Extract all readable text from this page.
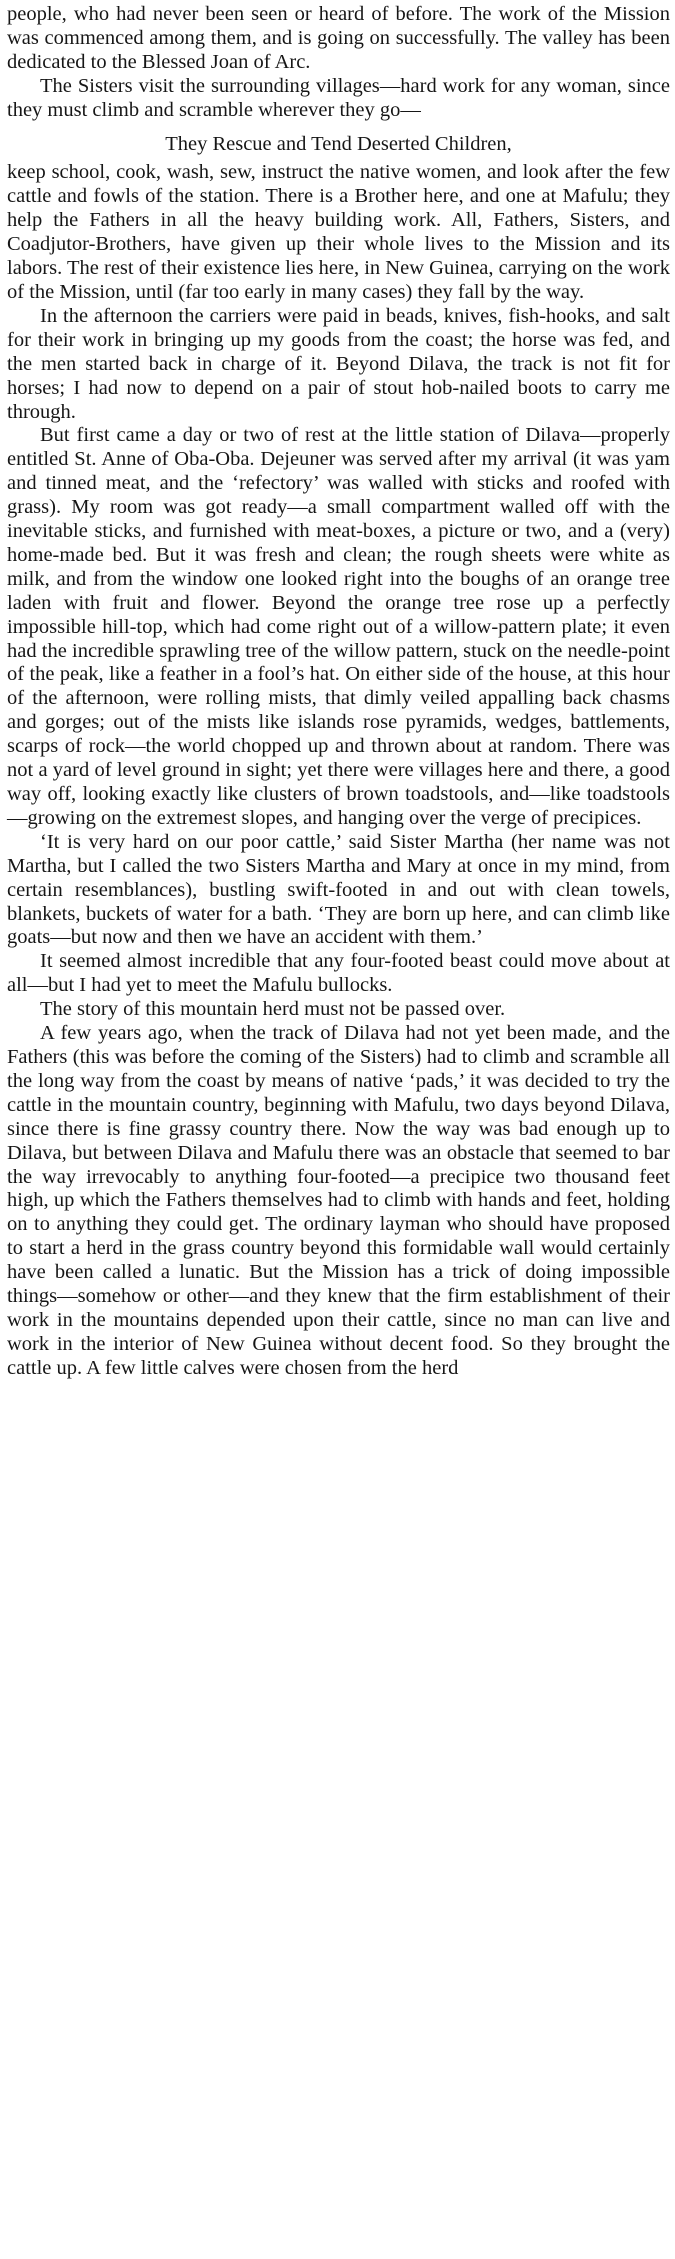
people, who had never been seen or heard of before. The work of the Mission was commenced among them, and is going on successfully. The valley has been dedicated to the Blessed Joan of Arc.

The Sisters visit the surrounding villages—hard work for any woman, since they must climb and scramble wherever they go—

They Rescue and Tend Deserted Children,

keep school, cook, wash, sew, instruct the native women, and look after the few cattle and fowls of the station. There is a Brother here, and one at Mafulu; they help the Fathers in all the heavy building work. All, Fathers, Sisters, and Coadjutor-Brothers, have given up their whole lives to the Mission and its labors. The rest of their existence lies here, in New Guinea, carrying on the work of the Mission, until (far too early in many cases) they fall by the way.

In the afternoon the carriers were paid in beads, knives, fish-hooks, and salt for their work in bringing up my goods from the coast; the horse was fed, and the men started back in charge of it. Beyond Dilava, the track is not fit for horses; I had now to depend on a pair of stout hob-nailed boots to carry me through.

But first came a day or two of rest at the little station of Dilava—properly entitled St. Anne of Oba-Oba. Dejeuner was served after my arrival (it was yam and tinned meat, and the ‘refectory’ was walled with sticks and roofed with grass). My room was got ready—a small compartment walled off with the inevitable sticks, and furnished with meat-boxes, a picture or two, and a (very) home-made bed. But it was fresh and clean; the rough sheets were white as milk, and from the window one looked right into the boughs of an orange tree laden with fruit and flower. Beyond the orange tree rose up a perfectly impossible hill-top, which had come right out of a willow-pattern plate; it even had the incredible sprawling tree of the willow pattern, stuck on the needle-point of the peak, like a feather in a fool’s hat. On either side of the house, at this hour of the afternoon, were rolling mists, that dimly veiled appalling back chasms and gorges; out of the mists like islands rose pyramids, wedges, battlements, scarps of rock—the world chopped up and thrown about at random. There was not a yard of level ground in sight; yet there were villages here and there, a good way off, looking exactly like clusters of brown toadstools, and—like toadstools—growing on the extremest slopes, and hanging over the verge of precipices.

‘It is very hard on our poor cattle,’ said Sister Martha (her name was not Martha, but I called the two Sisters Martha and Mary at once in my mind, from certain resemblances), bustling swift-footed in and out with clean towels, blankets, buckets of water for a bath. ‘They are born up here, and can climb like goats—but now and then we have an accident with them.’

It seemed almost incredible that any four-footed beast could move about at all—but I had yet to meet the Mafulu bullocks.

The story of this mountain herd must not be passed over.

A few years ago, when the track of Dilava had not yet been made, and the Fathers (this was before the coming of the Sisters) had to climb and scramble all the long way from the coast by means of native ‘pads,’ it was decided to try the cattle in the mountain country, beginning with Mafulu, two days beyond Dilava, since there is fine grassy country there. Now the way was bad enough up to Dilava, but between Dilava and Mafulu there was an obstacle that seemed to bar the way irrevocably to anything four-footed—a precipice two thousand feet high, up which the Fathers themselves had to climb with hands and feet, holding on to anything they could get. The ordinary layman who should have proposed to start a herd in the grass country beyond this formidable wall would certainly have been called a lunatic. But the Mission has a trick of doing impossible things—somehow or other—and they knew that the firm establishment of their work in the mountains depended upon their cattle, since no man can live and work in the interior of New Guinea without decent food. So they brought the cattle up. A few little calves were chosen from the herd
